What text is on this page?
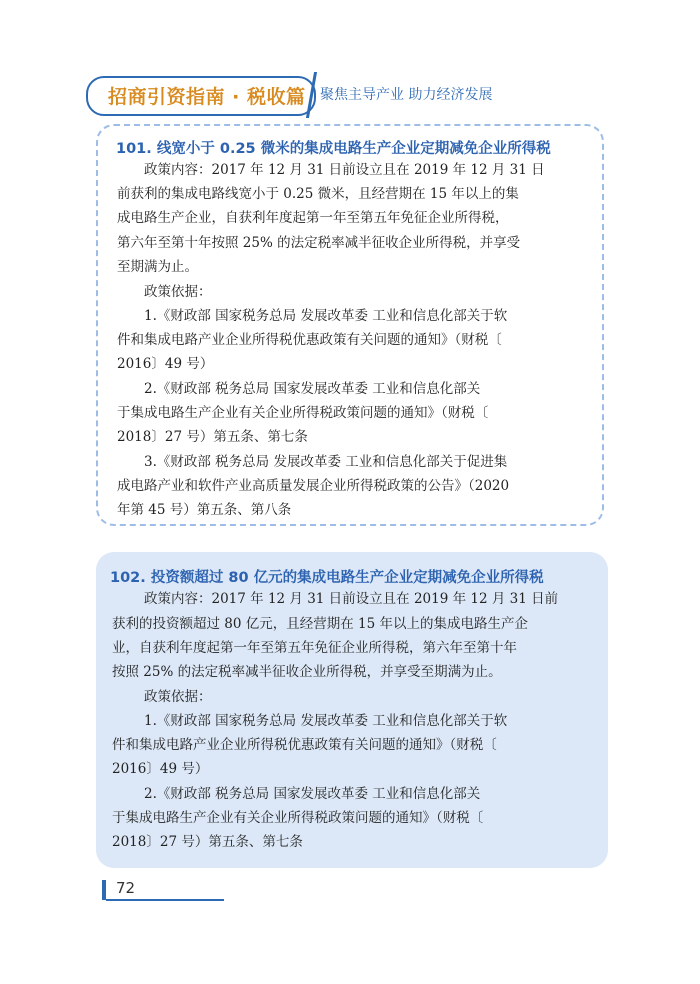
招商引资指南 · 税收篇 聚焦主导产业 助力经济发展
101. 线宽小于 0.25 微米的集成电路生产企业定期减免企业所得税
政策内容：2017 年 12 月 31 日前设立且在 2019 年 12 月 31 日
前获利的集成电路线宽小于 0.25 微米，且经营期在 15 年以上的集
成电路生产企业，自获利年度起第一年至第五年免征企业所得税，
第六年至第十年按照 25% 的法定税率减半征收企业所得税，并享受
至期满为止。
政策依据：
1.《财政部 国家税务总局 发展改革委 工业和信息化部关于软
件和集成电路产业企业所得税优惠政策有关问题的通知》（财税〔
2016〕49 号）
2.《财政部 税务总局 国家发展改革委 工业和信息化部关
于集成电路生产企业有关企业所得税政策问题的通知》（财税〔
2018〕27 号）第五条、第七条
3.《财政部 税务总局 发展改革委 工业和信息化部关于促进集
成电路产业和软件产业高质量发展企业所得税政策的公告》（2020
年第 45 号）第五条、第八条
102. 投资额超过 80 亿元的集成电路生产企业定期减免企业所得税
政策内容：2017 年 12 月 31 日前设立且在 2019 年 12 月 31 日前
获利的投资额超过 80 亿元，且经营期在 15 年以上的集成电路生产企
业，自获利年度起第一年至第五年免征企业所得税，第六年至第十年
按照 25% 的法定税率减半征收企业所得税，并享受至期满为止。
政策依据：
1.《财政部 国家税务总局 发展改革委 工业和信息化部关于软
件和集成电路产业企业所得税优惠政策有关问题的通知》（财税〔
2016〕49 号）
2.《财政部 税务总局 国家发展改革委 工业和信息化部关
于集成电路生产企业有关企业所得税政策问题的通知》（财税〔
2018〕27 号）第五条、第七条
72
